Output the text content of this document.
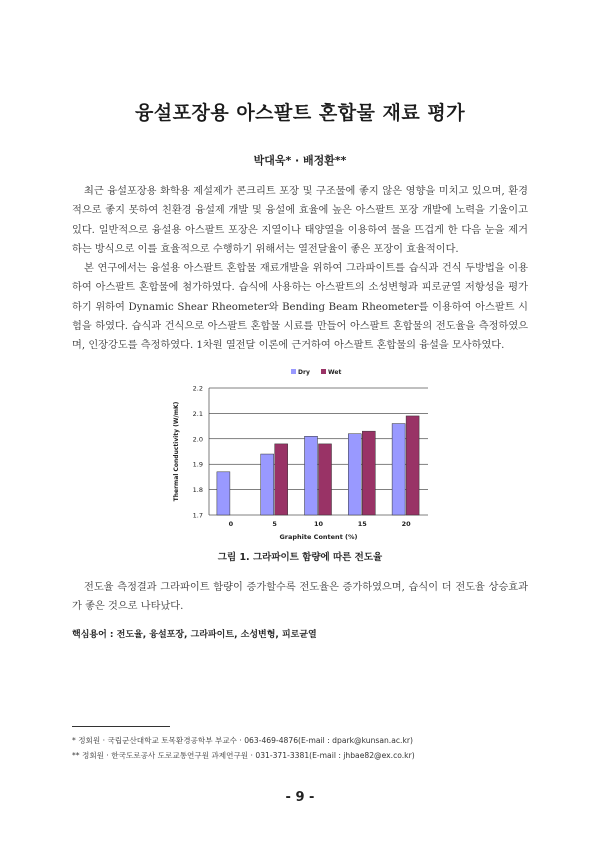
융설포장용 아스팔트 혼합물 재료 평가
박대욱* · 배정환**

최근 융설포장용 화학용 제설제가 콘크리트 포장 및 구조물에 좋지 않은 영향을 미치고 있으며, 환경적으로 좋지 못하여 친환경 융설제 개발 및 융설에 효율에 높은 아스팔트 포장 개발에 노력을 기울이고 있다. 일반적으로 융설용 아스팔트 포장은 지열이나 태양열을 이용하여 물을 뜨겁게 한 다음 눈을 제거하는 방식으로 이를 효율적으로 수행하기 위해서는 열전달율이 좋은 포장이 효율적이다.

본 연구에서는 융설용 아스팔트 혼합물 재료개발을 위하여 그라파이트를 습식과 건식 두방법을 이용하여 아스팔트 혼합물에 첨가하였다. 습식에 사용하는 아스팔트의 소성변형과 피로균열 저항성을 평가하기 위하여 Dynamic Shear Rheometer와 Bending Beam Rheometer를 이용하여 아스팔트 시험을 하였다. 습식과 건식으로 아스팔트 혼합물 시료를 만들어 아스팔트 혼합물의 전도율을 측정하였으며, 인장강도를 측정하였다. 1차원 열전달 이론에 근거하여 아스팔트 혼합물의 융설을 모사하였다.

1.7
1.8
1.9
2.0
2.1
2.2
0	5	10	15	20
Graphite Content (%)
Thermal Conductivity (W/mK)
Dry	Wet
그림 1. 그라파이트 함량에 따른 전도율

전도율 측정결과 그라파이트 함량이 증가할수록 전도율은 증가하였으며, 습식이 더 전도율 상승효과가 좋은 것으로 나타났다.

핵심용어 : 전도율, 융설포장, 그라파이트, 소성변형, 피로균열
* 정회원 · 국립군산대학교 토목환경공학부 부교수 · 063-469-4876(E-mail : dpark@kunsan.ac.kr)
** 정회원 · 한국도로공사 도로교통연구원 과제연구원 · 031-371-3381(E-mail : jhbae82@ex.co.kr)
- 9 -
